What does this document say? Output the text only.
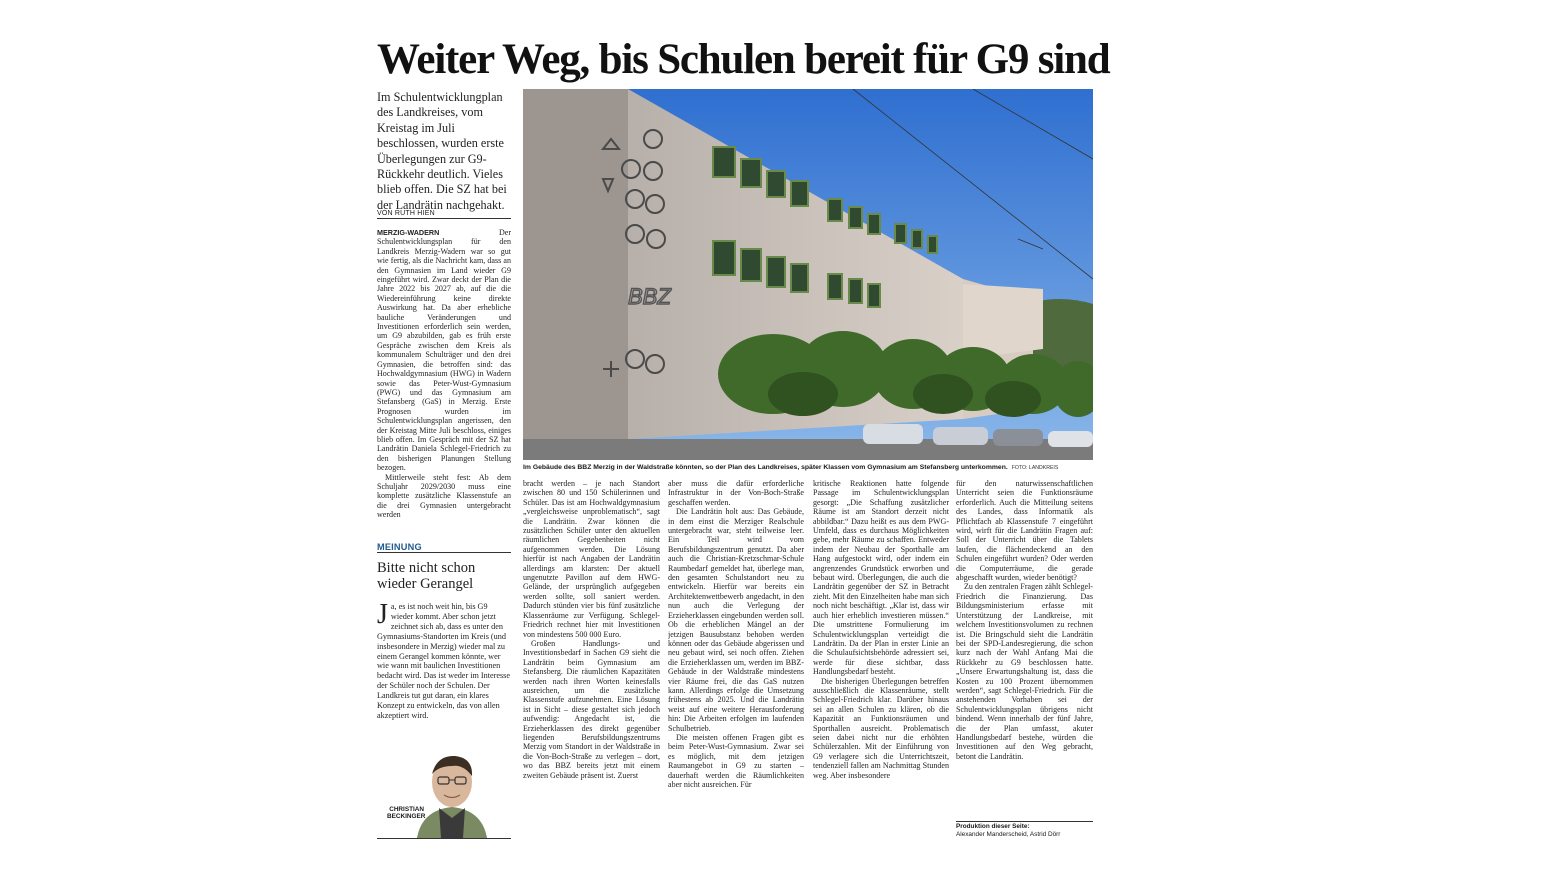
Weiter Weg, bis Schulen bereit für G9 sind
Im Schulentwicklungplan des Landkreises, vom Kreistag im Juli beschlossen, wurden erste Überlegungen zur G9-Rückkehr deutlich. Vieles blieb offen. Die SZ hat bei der Landrätin nachgehakt.
VON RUTH HIEN

MERZIG-WADERN	Der Schulentwicklungsplan für den Landkreis Merzig-Wadern war so gut wie fertig, als die Nachricht kam, dass an den Gymnasien im Land wieder G9 eingeführt wird. Zwar deckt der Plan die Jahre 2022 bis 2027 ab, auf die die Wiedereinführung keine direkte Auswirkung hat. Da aber erhebliche bauliche Veränderungen und Investitionen erforderlich sein werden, um G9 abzubilden, gab es früh erste Gespräche zwischen dem Kreis als kommunalem Schulträger und den drei Gymnasien, die betroffen sind: das Hochwaldgymnasium (HWG) in Wadern sowie das Peter-Wust-Gymnasium (PWG) und das Gymnasium am Stefansberg (GaS) in Merzig. Erste Prognosen wurden im Schulentwicklungsplan angerissen, den der Kreistag Mitte Juli beschloss, einiges blieb offen. Im Gespräch mit der SZ hat Landrätin Daniela Schlegel-Friedrich zu den bisherigen Planungen Stellung bezogen.

Mittlerweile steht fest: Ab dem Schuljahr 2029/2030 muss eine komplette zusätzliche Klassenstufe an die drei Gymnasien untergebracht werden

BBZ
Im Gebäude des BBZ Merzig in der Waldstraße könnten, so der Plan des Landkreises, später Klassen vom Gymnasium am Stefansberg unterkommen. FOTO: LANDKREIS

bracht werden – je nach Standort zwischen 80 und 150 Schülerinnen und Schüler. Das ist am Hochwaldgymnasium „vergleichsweise unproblematisch“, sagt die Landrätin. Zwar können die zusätzlichen Schüler unter den aktuellen räumlichen Gegebenheiten nicht aufgenommen werden. Die Lösung hierfür ist nach Angaben der Landrätin allerdings am klarsten: Der aktuell ungenutzte Pavillon auf dem HWG-Gelände, der ursprünglich aufgegeben werden sollte, soll saniert werden. Dadurch stünden vier bis fünf zusätzliche Klassenräume zur Verfügung. Schlegel-Friedrich rechnet hier mit Investitionen von mindestens 500 000 Euro.

Großen Handlungs- und Investitionsbedarf in Sachen G9 sieht die Landrätin beim Gymnasium am Stefansberg. Die räumlichen Kapazitäten werden nach ihren Worten keinesfalls ausreichen, um die zusätzliche Klassenstufe aufzunehmen. Eine Lösung ist in Sicht – diese gestaltet sich jedoch aufwendig: Angedacht ist, die Erzieherklassen des direkt gegenüber liegenden Berufsbildungszentrums Merzig vom Standort in der Waldstraße in die Von-Boch-Straße zu verlegen – dort, wo das BBZ bereits jetzt mit einem zweiten Gebäude präsent ist. Zuerst

aber muss die dafür erforderliche Infrastruktur in der Von-Boch-Straße geschaffen werden.

Die Landrätin holt aus: Das Gebäude, in dem einst die Merziger Realschule untergebracht war, steht teilweise leer. Ein Teil wird vom Berufsbildungszentrum genutzt. Da aber auch die Christian-Kretzschmar-Schule Raumbedarf gemeldet hat, überlege man, den gesamten Schulstandort neu zu entwickeln. Hierfür war bereits ein Architektenwettbewerb angedacht, in den nun auch die Verlegung der Erzieherklassen eingebunden werden soll. Ob die erheblichen Mängel an der jetzigen Bausubstanz behoben werden können oder das Gebäude abgerissen und neu gebaut wird, sei noch offen. Ziehen die Erzieherklassen um, werden im BBZ-Gebäude in der Waldstraße mindestens vier Räume frei, die das GaS nutzen kann. Allerdings erfolge die Umsetzung frühestens ab 2025. Und die Landrätin weist auf eine weitere Herausforderung hin: Die Arbeiten erfolgen im laufenden Schulbetrieb.

Die meisten offenen Fragen gibt es beim Peter-Wust-Gymnasium. Zwar sei es möglich, mit dem jetzigen Raumangebot in G9 zu starten – dauerhaft werden die Räumlichkeiten aber nicht ausreichen. Für

kritische Reaktionen hatte folgende Passage im Schulentwicklungsplan gesorgt: „Die Schaffung zusätzlicher Räume ist am Standort derzeit nicht abbildbar.“ Dazu heißt es aus dem PWG-Umfeld, dass es durchaus Möglichkeiten gebe, mehr Räume zu schaffen. Entweder indem der Neubau der Sporthalle am Hang aufgestockt wird, oder indem ein angrenzendes Grundstück erworben und bebaut wird. Überlegungen, die auch die Landrätin gegenüber der SZ in Betracht zieht. Mit den Einzelheiten habe man sich noch nicht beschäftigt. „Klar ist, dass wir auch hier erheblich investieren müssen.“ Die umstrittene Formulierung im Schulentwicklungsplan verteidigt die Landrätin. Da der Plan in erster Linie an die Schulaufsichtsbehörde adressiert sei, werde für diese sichtbar, dass Handlungsbedarf besteht.

Die bisherigen Überlegungen betreffen ausschließlich die Klassenräume, stellt Schlegel-Friedrich klar. Darüber hinaus sei an allen Schulen zu klären, ob die Kapazität an Funktionsräumen und Sporthallen ausreicht. Problematisch seien dabei nicht nur die erhöhten Schülerzahlen. Mit der Einführung von G9 verlagere sich die Unterrichtszeit, tendenziell fallen am Nachmittag Stunden weg. Aber insbesondere

für den naturwissenschaftlichen Unterricht seien die Funktionsräume erforderlich. Auch die Mitteilung seitens des Landes, dass Informatik als Pflichtfach ab Klassenstufe 7 eingeführt wird, wirft für die Landrätin Fragen auf: Soll der Unterricht über die Tablets laufen, die flächendeckend an den Schulen eingeführt wurden? Oder werden die Computerräume, die gerade abgeschafft wurden, wieder benötigt?

Zu den zentralen Fragen zählt Schlegel-Friedrich die Finanzierung. Das Bildungsministerium erfasse mit Unterstützung der Landkreise, mit welchem Investitionsvolumen zu rechnen ist. Die Bringschuld sieht die Landrätin bei der SPD-Landesregierung, die schon kurz nach der Wahl Anfang Mai die Rückkehr zu G9 beschlossen hatte. „Unsere Erwartungshaltung ist, dass die Kosten zu 100 Prozent übernommen werden“, sagt Schlegel-Friedrich. Für die anstehenden Vorhaben sei der Schulentwicklungsplan übrigens nicht bindend. Wenn innerhalb der fünf Jahre, die der Plan umfasst, akuter Handlungsbedarf bestehe, würden die Investitionen auf den Weg gebracht, betont die Landrätin.

Produktion dieser Seite:
Alexander Manderscheid, Astrid Dörr
MEINUNG
Bitte nicht schon wieder Gerangel
Ja, es ist noch weit hin, bis G9 wieder kommt. Aber schon jetzt zeichnet sich ab, dass es unter den Gymnasiums-Standorten im Kreis (und insbesondere in Merzig) wieder mal zu einem Gerangel kommen könnte, wer wie wann mit baulichen Investitionen bedacht wird. Das ist weder im Interesse der Schüler noch der Schulen. Der Landkreis tut gut daran, ein klares Konzept zu entwickeln, das von allen akzeptiert wird.
CHRISTIAN
BECKINGER
